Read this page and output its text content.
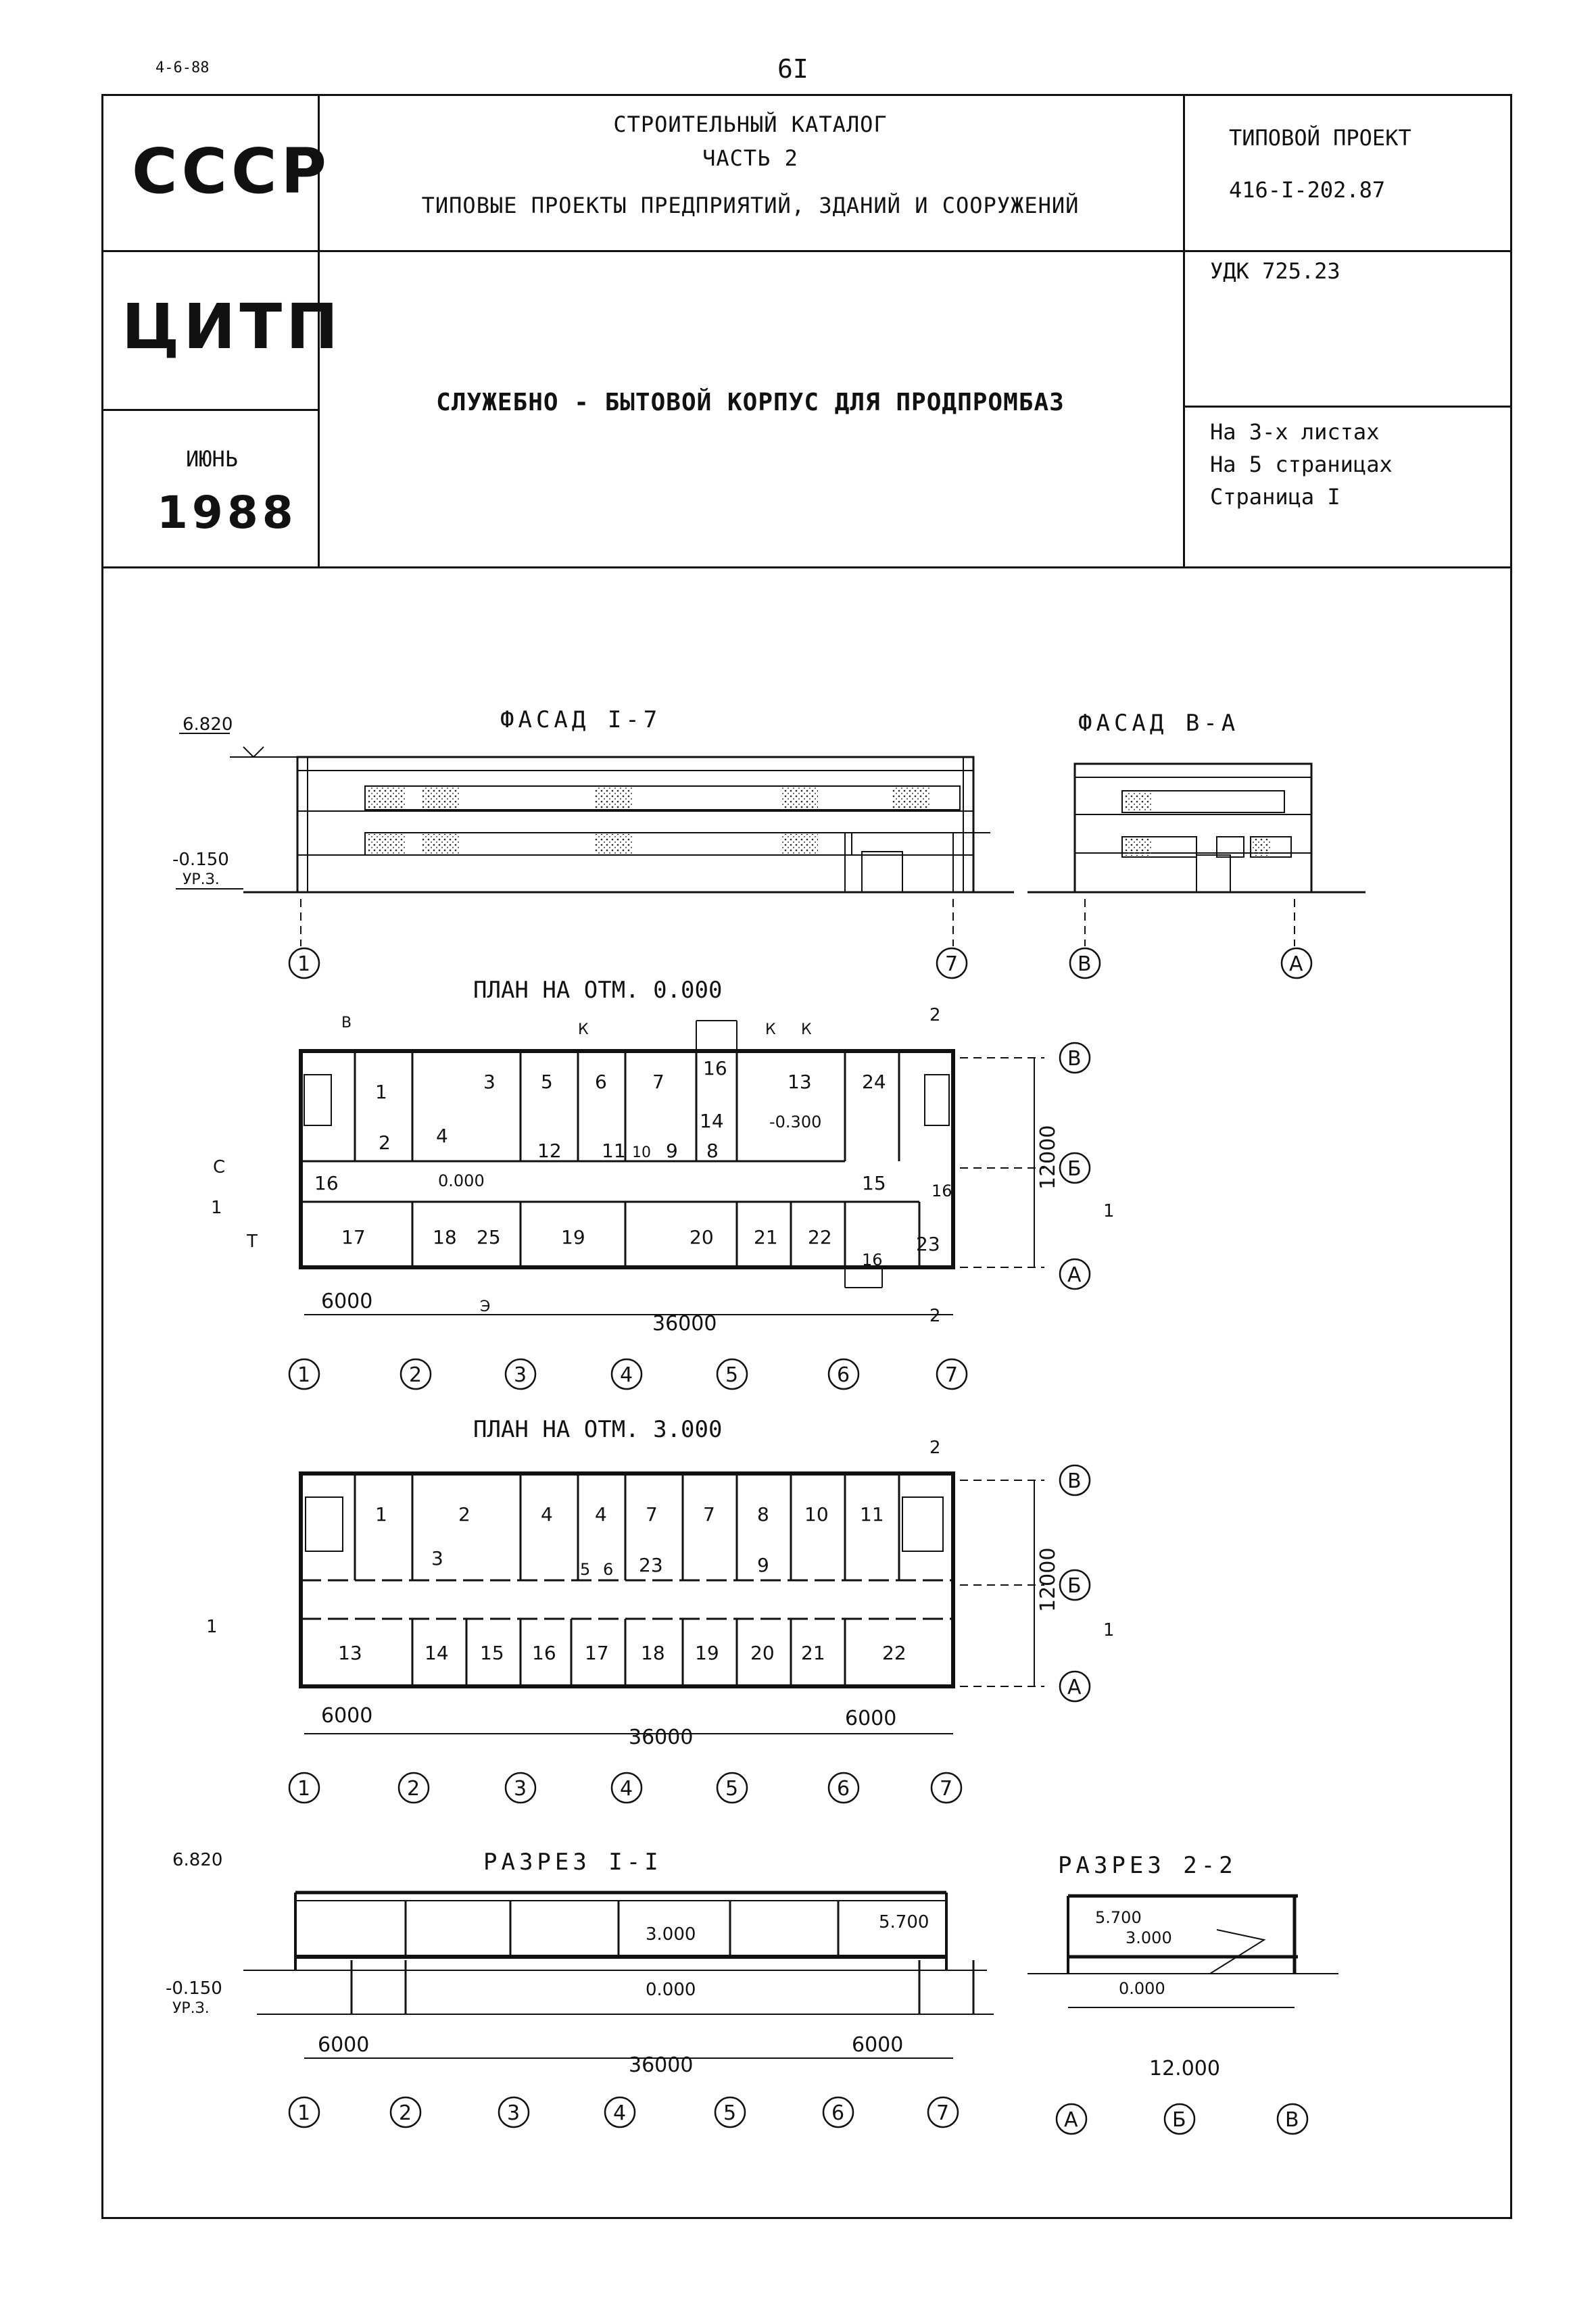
4-6-88	6I
СССР
СТРОИТЕЛЬНЫЙ КАТАЛОГ
ЧАСТЬ 2
ТИПОВЫЕ ПРОЕКТЫ ПРЕДПРИЯТИЙ, ЗДАНИЙ И СООРУЖЕНИЙ
ТИПОВОЙ ПРОЕКТ
416-I-202.87
ЦИТП
УДК 725.23
СЛУЖЕБНО - БЫТОВОЙ КОРПУС ДЛЯ ПРОДПРОМБАЗ
ИЮНЬ
1988
На 3-х листах
На 5 страницах
Страница I
ФАСАД I-7	ФАСАД В-А
ПЛАН НА ОТМ. 0.000
ПЛАН НА ОТМ. 3.000
РАЗРЕЗ I-I	РАЗРЕЗ 2-2
6.820
-0.150
УР.З.
1	7	В	А
1
2
3
4
5 6 7
16
14
13	24
12 11 10 9 8
15
16
17	18 25	19	20 21 22
16
23
16
0.000
-0.300
В	К	К К
Э
С
Т
2
1
2
1
6000
36000
12000
В
Б
А
1	2	3	4	5	6	7
1	2
3
4 4 7 7 8 10 11
5 6 23	9
13	14 15 16 17 18 19 20 21	22
2
1	1
6000
36000
6000
12000
В
Б
А
1	2	3	4	5	6	7
6.820
-0.150
УР.З.
3.000
0.000
5.700
6000
36000
6000
1	2	3	4	5	6	7
5.700
3.000
0.000
12.000
А	Б	В
